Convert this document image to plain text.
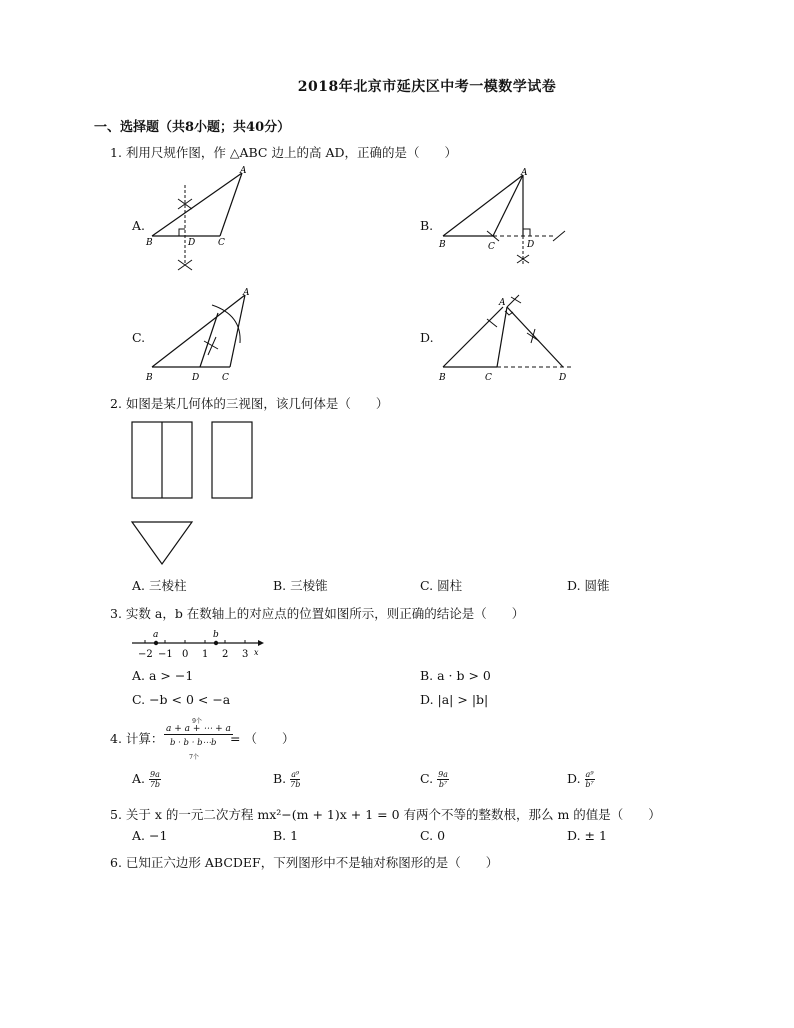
2018年北京市延庆区中考一模数学试卷
一、选择题（共8小题；共40分）
1. 利用尺规作图，作 △ABC 边上的高 AD，正确的是（　　）
A.
A
B	D	C
B.
A
B	C	D
C.
A
B	D	C
D.
A
B	C	D
2. 如图是某几何体的三视图，该几何体是（　　）
A. 三棱柱	B. 三棱锥	C. 圆柱	D. 圆锥
3. 实数 a，b 在数轴上的对应点的位置如图所示，则正确的结论是（　　）
a	b
−2 −1 0 1 2 3 x
A. a > −1	B. a · b > 0
C. −b < 0 < −a	D. |a| > |b|
4. 计算：
9个
a + a + ⋯ + a
b · b · b⋯b
7个
= （　　）
A. $\frac{9a}{7b}$	B. $\frac{\text{a⁹}}{7b}$	C. $\frac{9a}{\text{b⁷}}$	D. $\frac{\text{a⁹}}{\text{b⁷}}$
5. 关于 x 的一元二次方程 mx²−(m + 1)x + 1 = 0 有两个不等的整数根，那么 m 的值是（　　）
A. −1	B. 1	C. 0	D. ± 1
6. 已知正六边形 ABCDEF，下列图形中不是轴对称图形的是（　　）
